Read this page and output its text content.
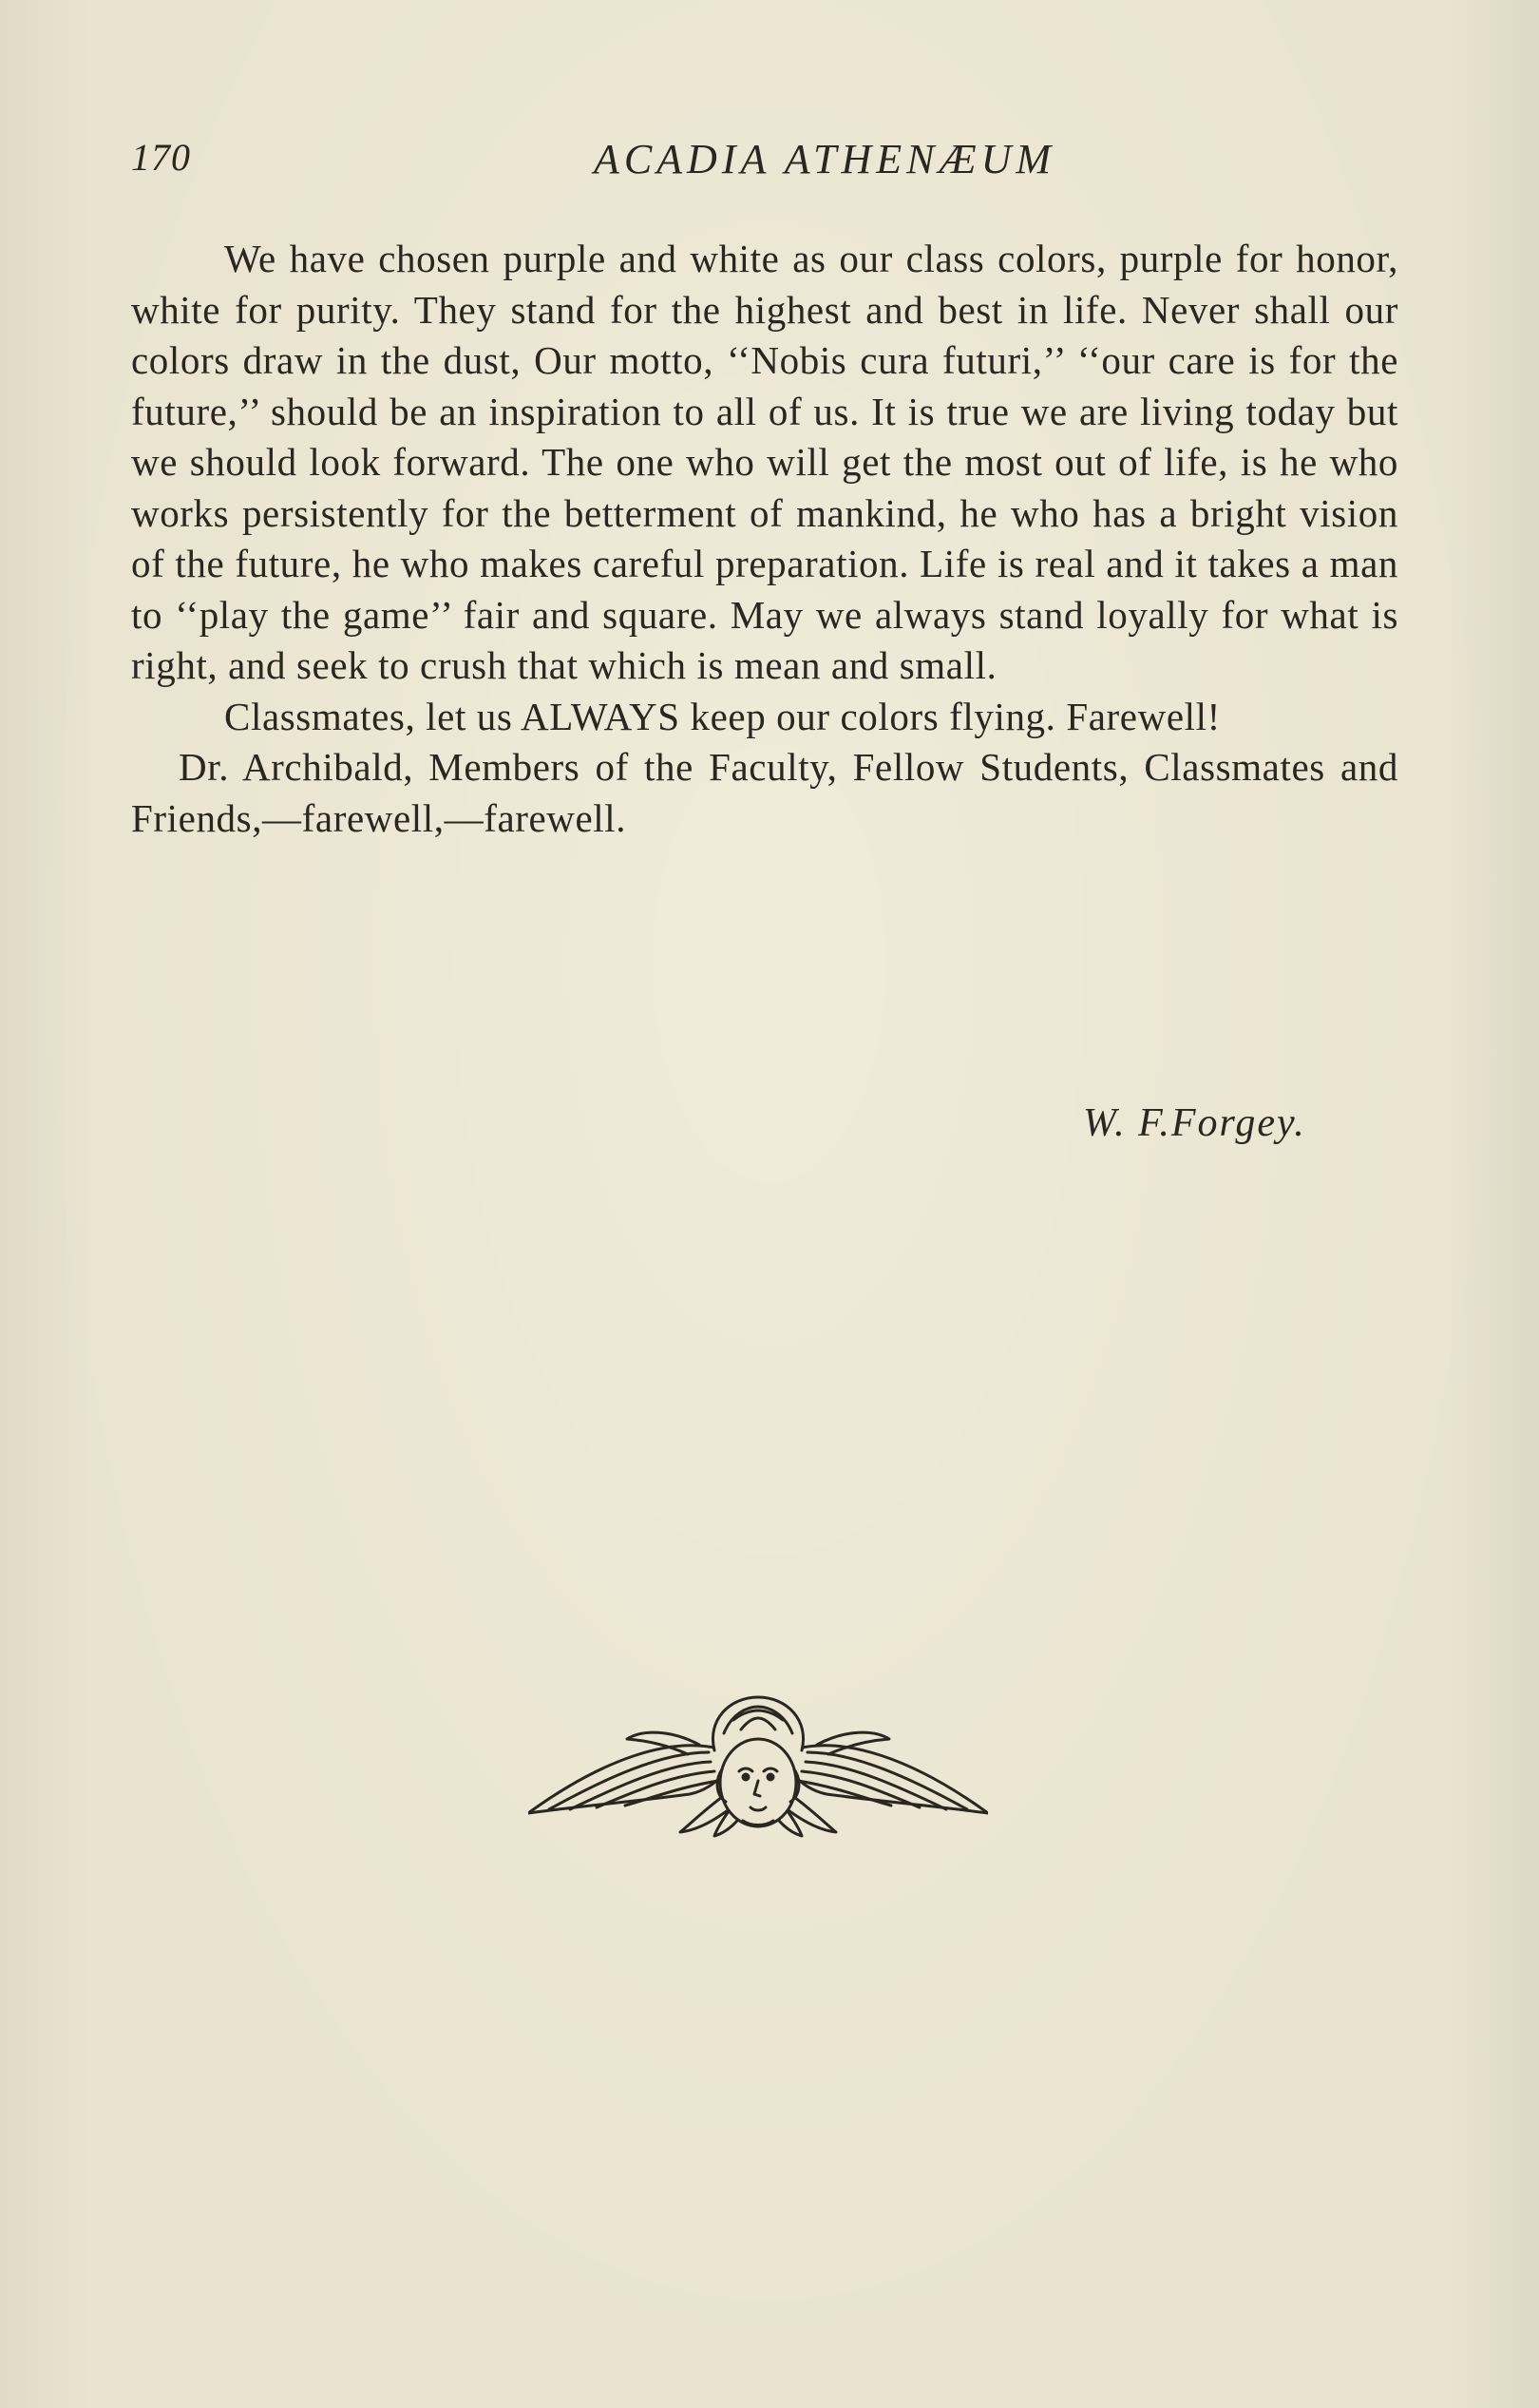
170	ACADIA ATHENÆUM

We have chosen purple and white as our class colors, purple for honor, white for purity. They stand for the highest and best in life. Never shall our colors draw in the dust, Our motto, ‘‘Nobis cura futuri,’’ ‘‘our care is for the future,’’ should be an inspiration to all of us. It is true we are living today but we should look forward. The one who will get the most out of life, is he who works persistently for the betterment of mankind, he who has a bright vision of the future, he who makes careful preparation. Life is real and it takes a man to ‘‘play the game’’ fair and square. May we always stand loyally for what is right, and seek to crush that which is mean and small.

Classmates, let us ALWAYS keep our colors flying. Farewell!

Dr. Archibald, Members of the Faculty, Fellow Students, Classmates and Friends,—farewell,—farewell.

W. F.Forgey.
